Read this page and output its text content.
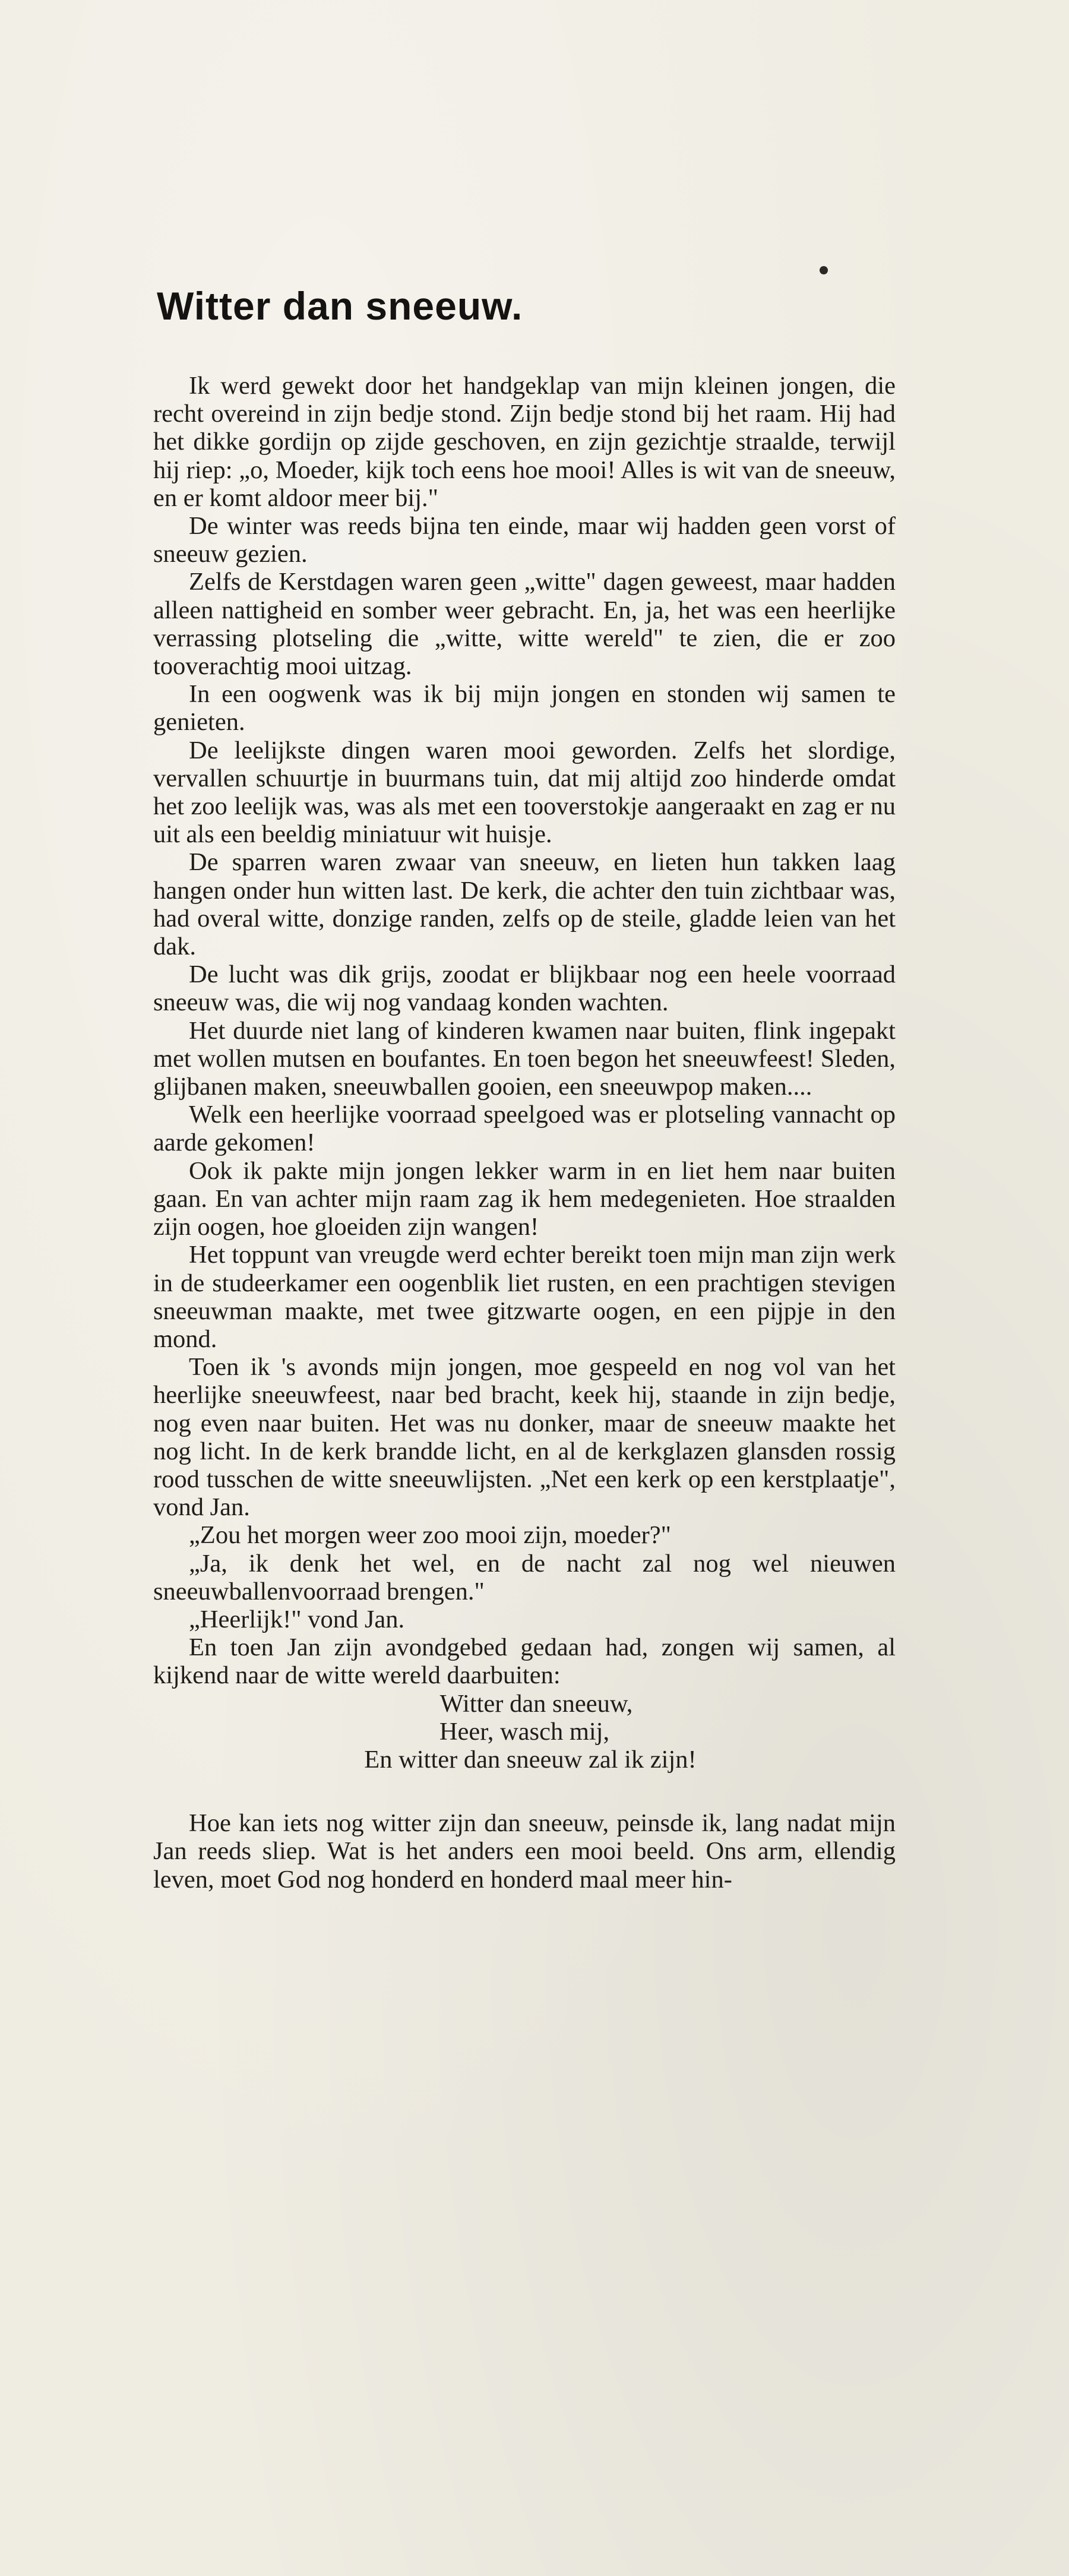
Witter dan sneeuw.

Ik werd gewekt door het handgeklap van mijn kleinen jongen, die recht overeind in zijn bedje stond. Zijn bedje stond bij het raam. Hij had het dikke gordijn op zijde geschoven, en zijn gezichtje straalde, terwijl hij riep: „o, Moeder, kijk toch eens hoe mooi! Alles is wit van de sneeuw, en er komt aldoor meer bij."

De winter was reeds bijna ten einde, maar wij hadden geen vorst of sneeuw gezien.

Zelfs de Kerstdagen waren geen „witte" dagen geweest, maar hadden alleen nattigheid en somber weer gebracht. En, ja, het was een heerlijke verrassing plotseling die „witte, witte wereld" te zien, die er zoo tooverachtig mooi uitzag.

In een oogwenk was ik bij mijn jongen en stonden wij samen te genieten.

De leelijkste dingen waren mooi geworden. Zelfs het slordige, vervallen schuurtje in buurmans tuin, dat mij altijd zoo hinderde omdat het zoo leelijk was, was als met een tooverstokje aangeraakt en zag er nu uit als een beeldig miniatuur wit huisje.

De sparren waren zwaar van sneeuw, en lieten hun takken laag hangen onder hun witten last. De kerk, die achter den tuin zichtbaar was, had overal witte, donzige randen, zelfs op de steile, gladde leien van het dak.

De lucht was dik grijs, zoodat er blijkbaar nog een heele voorraad sneeuw was, die wij nog vandaag konden wachten.

Het duurde niet lang of kinderen kwamen naar buiten, flink ingepakt met wollen mutsen en boufantes. En toen begon het sneeuwfeest! Sleden, glijbanen maken, sneeuwballen gooien, een sneeuwpop maken....

Welk een heerlijke voorraad speelgoed was er plotseling vannacht op aarde gekomen!

Ook ik pakte mijn jongen lekker warm in en liet hem naar buiten gaan. En van achter mijn raam zag ik hem medegenieten. Hoe straalden zijn oogen, hoe gloeiden zijn wangen!

Het toppunt van vreugde werd echter bereikt toen mijn man zijn werk in de studeerkamer een oogenblik liet rusten, en een prachtigen stevigen sneeuwman maakte, met twee gitzwarte oogen, en een pijpje in den mond.

Toen ik 's avonds mijn jongen, moe gespeeld en nog vol van het heerlijke sneeuwfeest, naar bed bracht, keek hij, staande in zijn bedje, nog even naar buiten. Het was nu donker, maar de sneeuw maakte het nog licht. In de kerk brandde licht, en al de kerkglazen glansden rossig rood tusschen de witte sneeuwlijsten. „Net een kerk op een kerstplaatje", vond Jan.

„Zou het morgen weer zoo mooi zijn, moeder?"

„Ja, ik denk het wel, en de nacht zal nog wel nieuwen sneeuwballenvoorraad brengen."

„Heerlijk!" vond Jan.

En toen Jan zijn avondgebed gedaan had, zongen wij samen, al kijkend naar de witte wereld daarbuiten:

Witter dan sneeuw,
Heer, wasch mij,
En witter dan sneeuw zal ik zijn!

Hoe kan iets nog witter zijn dan sneeuw, peinsde ik, lang nadat mijn Jan reeds sliep. Wat is het anders een mooi beeld. Ons arm, ellendig leven, moet God nog honderd en honderd maal meer hin-
